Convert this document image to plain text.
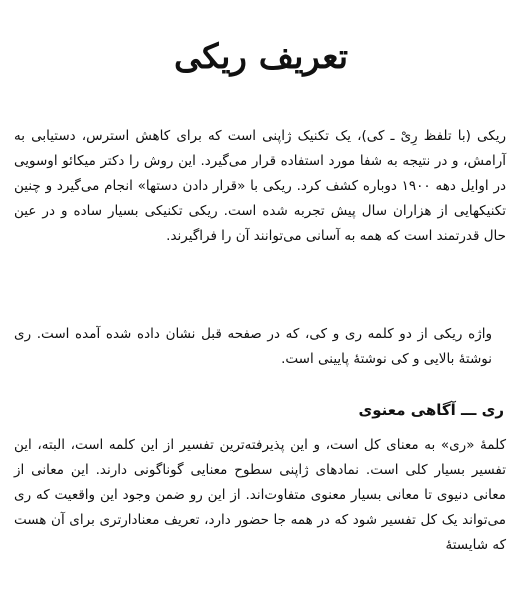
تعریف ریکی

ریکی (با تلفظ رِیْ ـ کی)، یک تکنیک ژاپنی است که برای کاهش استرس، دستیابی به آرامش، و در نتیجه به شفا مورد استفاده قرار می‌گیرد. این روش را دکتر میکائو اوسویی در اوایل دهه ۱۹۰۰ دوباره کشف کرد. ریکی با «قرار دادن دستها» انجام می‌گیرد و چنین تکنیکهایی از هزاران سال پیش تجربه شده است. ریکی تکنیکی بسیار ساده و در عین حال قدرتمند است که همه به آسانی می‌توانند آن را فراگیرند.

واژه ریکی از دو کلمه ری و کی، که در صفحه قبل نشان داده شده آمده است. ری نوشتهٔ بالایی و کی نوشتهٔ پایینی است.

ری ـــ آگاهی معنوی

کلمهٔ «ری» به معنای کل است، و این پذیرفته‌ترین تفسیر از این کلمه است، البته، این تفسیر بسیار کلی است. نمادهای ژاپنی سطوح معنایی گوناگونی دارند. این معانی از معانی دنیوی تا معانی بسیار معنوی متفاوت‌اند. از این رو ضمن وجود این واقعیت که ری می‌تواند یک کل تفسیر شود که در همه جا حضور دارد، تعریف معنادارتری برای آن هست که شایستهٔ
